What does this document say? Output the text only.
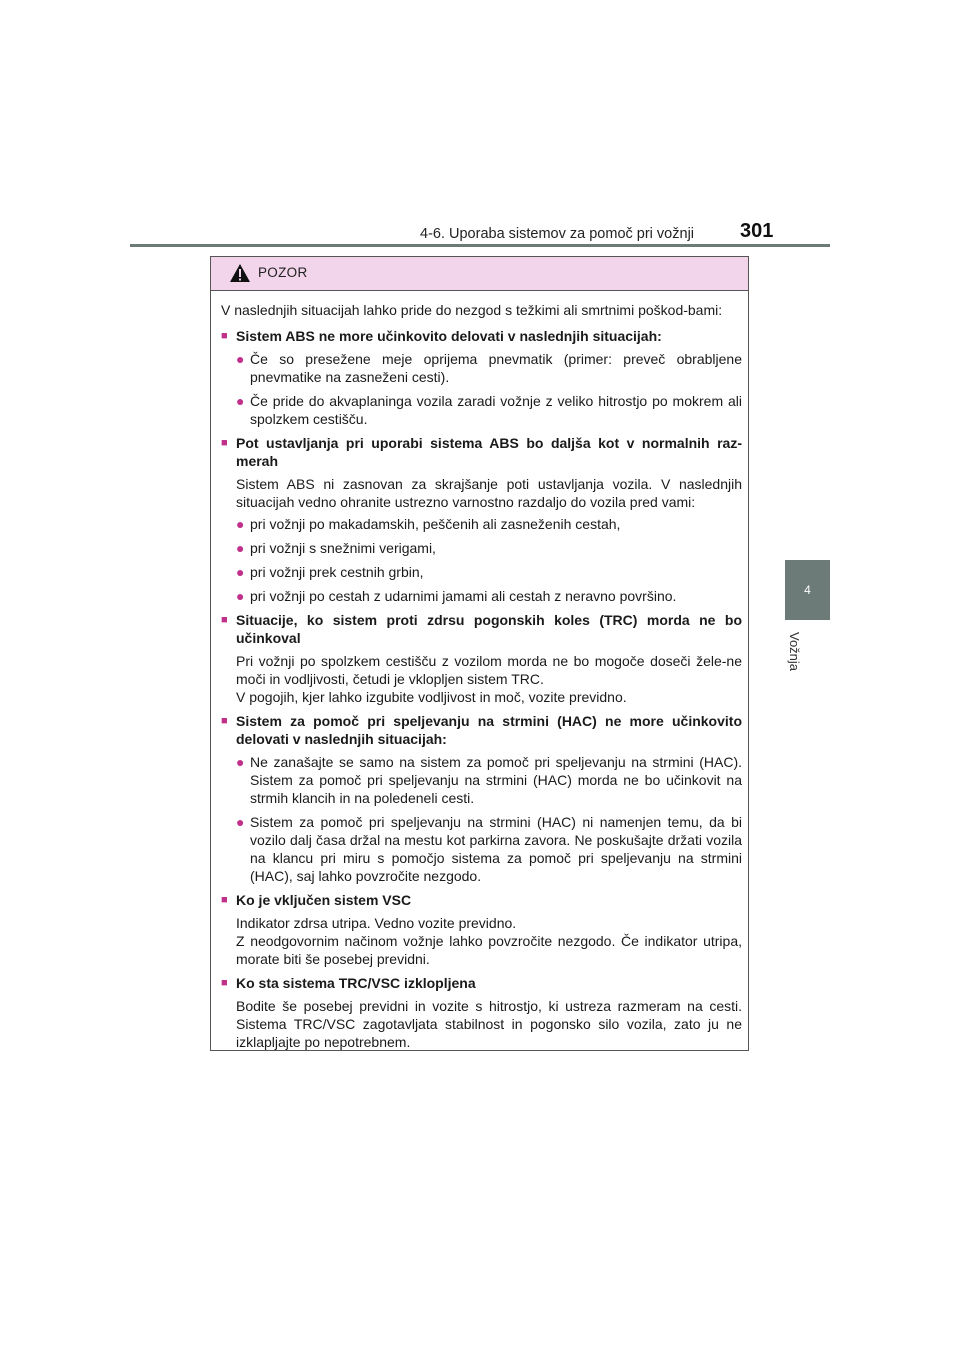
4-6. Uporaba sistemov za pomoč pri vožnji 301
4
Vožnja
POZOR

V naslednjih situacijah lahko pride do nezgod s težkimi ali smrtnimi poškod-bami:

■ Sistem ABS ne more učinkovito delovati v naslednjih situacijah:
● Če so presežene meje oprijema pnevmatik (primer: preveč obrabljene pnevmatike na zasneženi cesti).
● Če pride do akvaplaninga vozila zaradi vožnje z veliko hitrostjo po mokrem ali spolzkem cestišču.
■ Pot ustavljanja pri uporabi sistema ABS bo daljša kot v normalnih raz-merah

Sistem ABS ni zasnovan za skrajšanje poti ustavljanja vozila. V naslednjih situacijah vedno ohranite ustrezno varnostno razdaljo do vozila pred vami:

● pri vožnji po makadamskih, peščenih ali zasneženih cestah,
● pri vožnji s snežnimi verigami,
● pri vožnji prek cestnih grbin,
● pri vožnji po cestah z udarnimi jamami ali cestah z neravno površino.
■ Situacije, ko sistem proti zdrsu pogonskih koles (TRC) morda ne bo učinkoval

Pri vožnji po spolzkem cestišču z vozilom morda ne bo mogoče doseči žele-ne moči in vodljivosti, četudi je vklopljen sistem TRC.

V pogojih, kjer lahko izgubite vodljivost in moč, vozite previdno.

■ Sistem za pomoč pri speljevanju na strmini (HAC) ne more učinkovito delovati v naslednjih situacijah:
● Ne zanašajte se samo na sistem za pomoč pri speljevanju na strmini (HAC). Sistem za pomoč pri speljevanju na strmini (HAC) morda ne bo učinkovit na strmih klancih in na poledeneli cesti.
● Sistem za pomoč pri speljevanju na strmini (HAC) ni namenjen temu, da bi vozilo dalj časa držal na mestu kot parkirna zavora. Ne poskušajte držati vozila na klancu pri miru s pomočjo sistema za pomoč pri speljevanju na strmini (HAC), saj lahko povzročite nezgodo.
■ Ko je vključen sistem VSC

Indikator zdrsa utripa. Vedno vozite previdno.

Z neodgovornim načinom vožnje lahko povzročite nezgodo. Če indikator utripa, morate biti še posebej previdni.

■ Ko sta sistema TRC/VSC izklopljena

Bodite še posebej previdni in vozite s hitrostjo, ki ustreza razmeram na cesti. Sistema TRC/VSC zagotavljata stabilnost in pogonsko silo vozila, zato ju ne izklapljajte po nepotrebnem.
